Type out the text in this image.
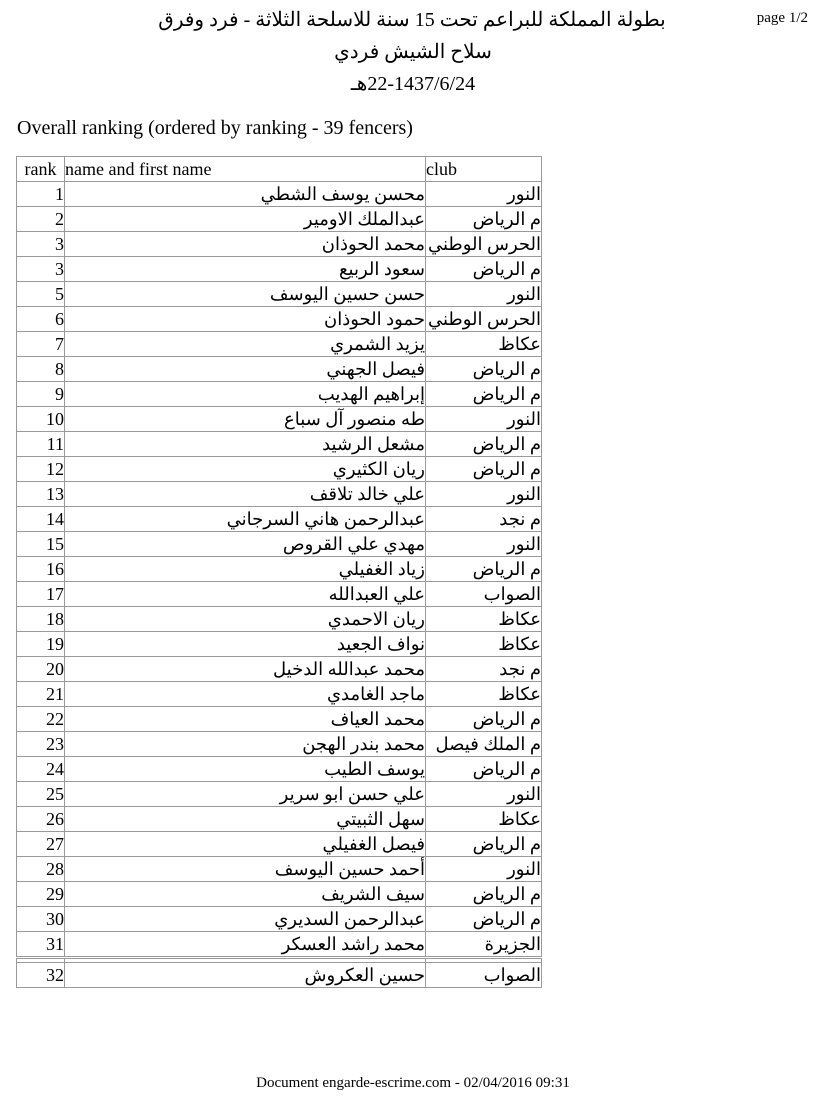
page 1/2
بطولة المملكة للبراعم تحت 15 سنة للاسلحة الثلاثة - فرد وفرق
سلاح الشيش فردي
22-1437/6/24هـ
Overall ranking (ordered by ranking - 39 fencers)
rank	name and first name	club
1	محسن يوسف الشطي	النور
2	عبدالملك الاومير	م الرياض
3	محمد الحوذان	الحرس الوطني
3	سعود الربيع	م الرياض
5	حسن حسين اليوسف	النور
6	حمود الحوذان	الحرس الوطني
7	يزيد الشمري	عكاظ
8	فيصل الجهني	م الرياض
9	إبراهيم الهديب	م الرياض
10	طه منصور آل سباع	النور
11	مشعل الرشيد	م الرياض
12	ريان الكثيري	م الرياض
13	علي خالد تلاقف	النور
14	عبدالرحمن هاني السرجاني	م نجد
15	مهدي علي القروص	النور
16	زياد الغفيلي	م الرياض
17	علي العبدالله	الصواب
18	ريان الاحمدي	عكاظ
19	نواف الجعيد	عكاظ
20	محمد عبدالله الدخيل	م نجد
21	ماجد الغامدي	عكاظ
22	محمد العياف	م الرياض
23	محمد بندر الهجن	م الملك فيصل
24	يوسف الطيب	م الرياض
25	علي حسن ابو سرير	النور
26	سهل الثبيتي	عكاظ
27	فيصل الغفيلي	م الرياض
28	أحمد حسين اليوسف	النور
29	سيف الشريف	م الرياض
30	عبدالرحمن السديري	م الرياض
31	محمد راشد العسكر	الجزيرة

32	حسين العكروش	الصواب
Document engarde-escrime.com - 02/04/2016 09:31
